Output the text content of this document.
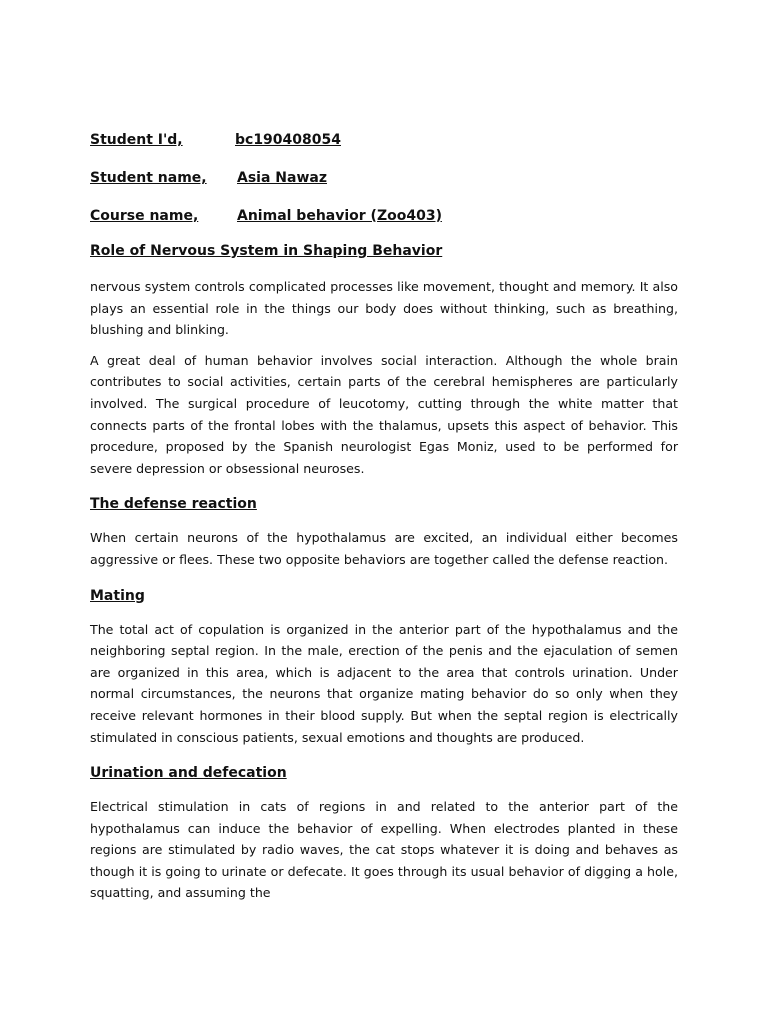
Student I'd,	bc190408054
Student name,	Asia Nawaz
Course name,	Animal behavior (Zoo403)
Role of Nervous System in Shaping Behavior

nervous system controls complicated processes like movement, thought and memory. It also plays an essential role in the things our body does without thinking, such as breathing, blushing and blinking.

A great deal of human behavior involves social interaction. Although the whole brain contributes to social activities, certain parts of the cerebral hemispheres are particularly involved. The surgical procedure of leucotomy, cutting through the white matter that connects parts of the frontal lobes with the thalamus, upsets this aspect of behavior. This procedure, proposed by the Spanish neurologist Egas Moniz, used to be performed for severe depression or obsessional neuroses.

The defense reaction

When certain neurons of the hypothalamus are excited, an individual either becomes aggressive or flees. These two opposite behaviors are together called the defense reaction.

Mating

The total act of copulation is organized in the anterior part of the hypothalamus and the neighboring septal region. In the male, erection of the penis and the ejaculation of semen are organized in this area, which is adjacent to the area that controls urination. Under normal circumstances, the neurons that organize mating behavior do so only when they receive relevant hormones in their blood supply. But when the septal region is electrically stimulated in conscious patients, sexual emotions and thoughts are produced.

Urination and defecation

Electrical stimulation in cats of regions in and related to the anterior part of the hypothalamus can induce the behavior of expelling. When electrodes planted in these regions are stimulated by radio waves, the cat stops whatever it is doing and behaves as though it is going to urinate or defecate. It goes through its usual behavior of digging a hole, squatting, and assuming the
